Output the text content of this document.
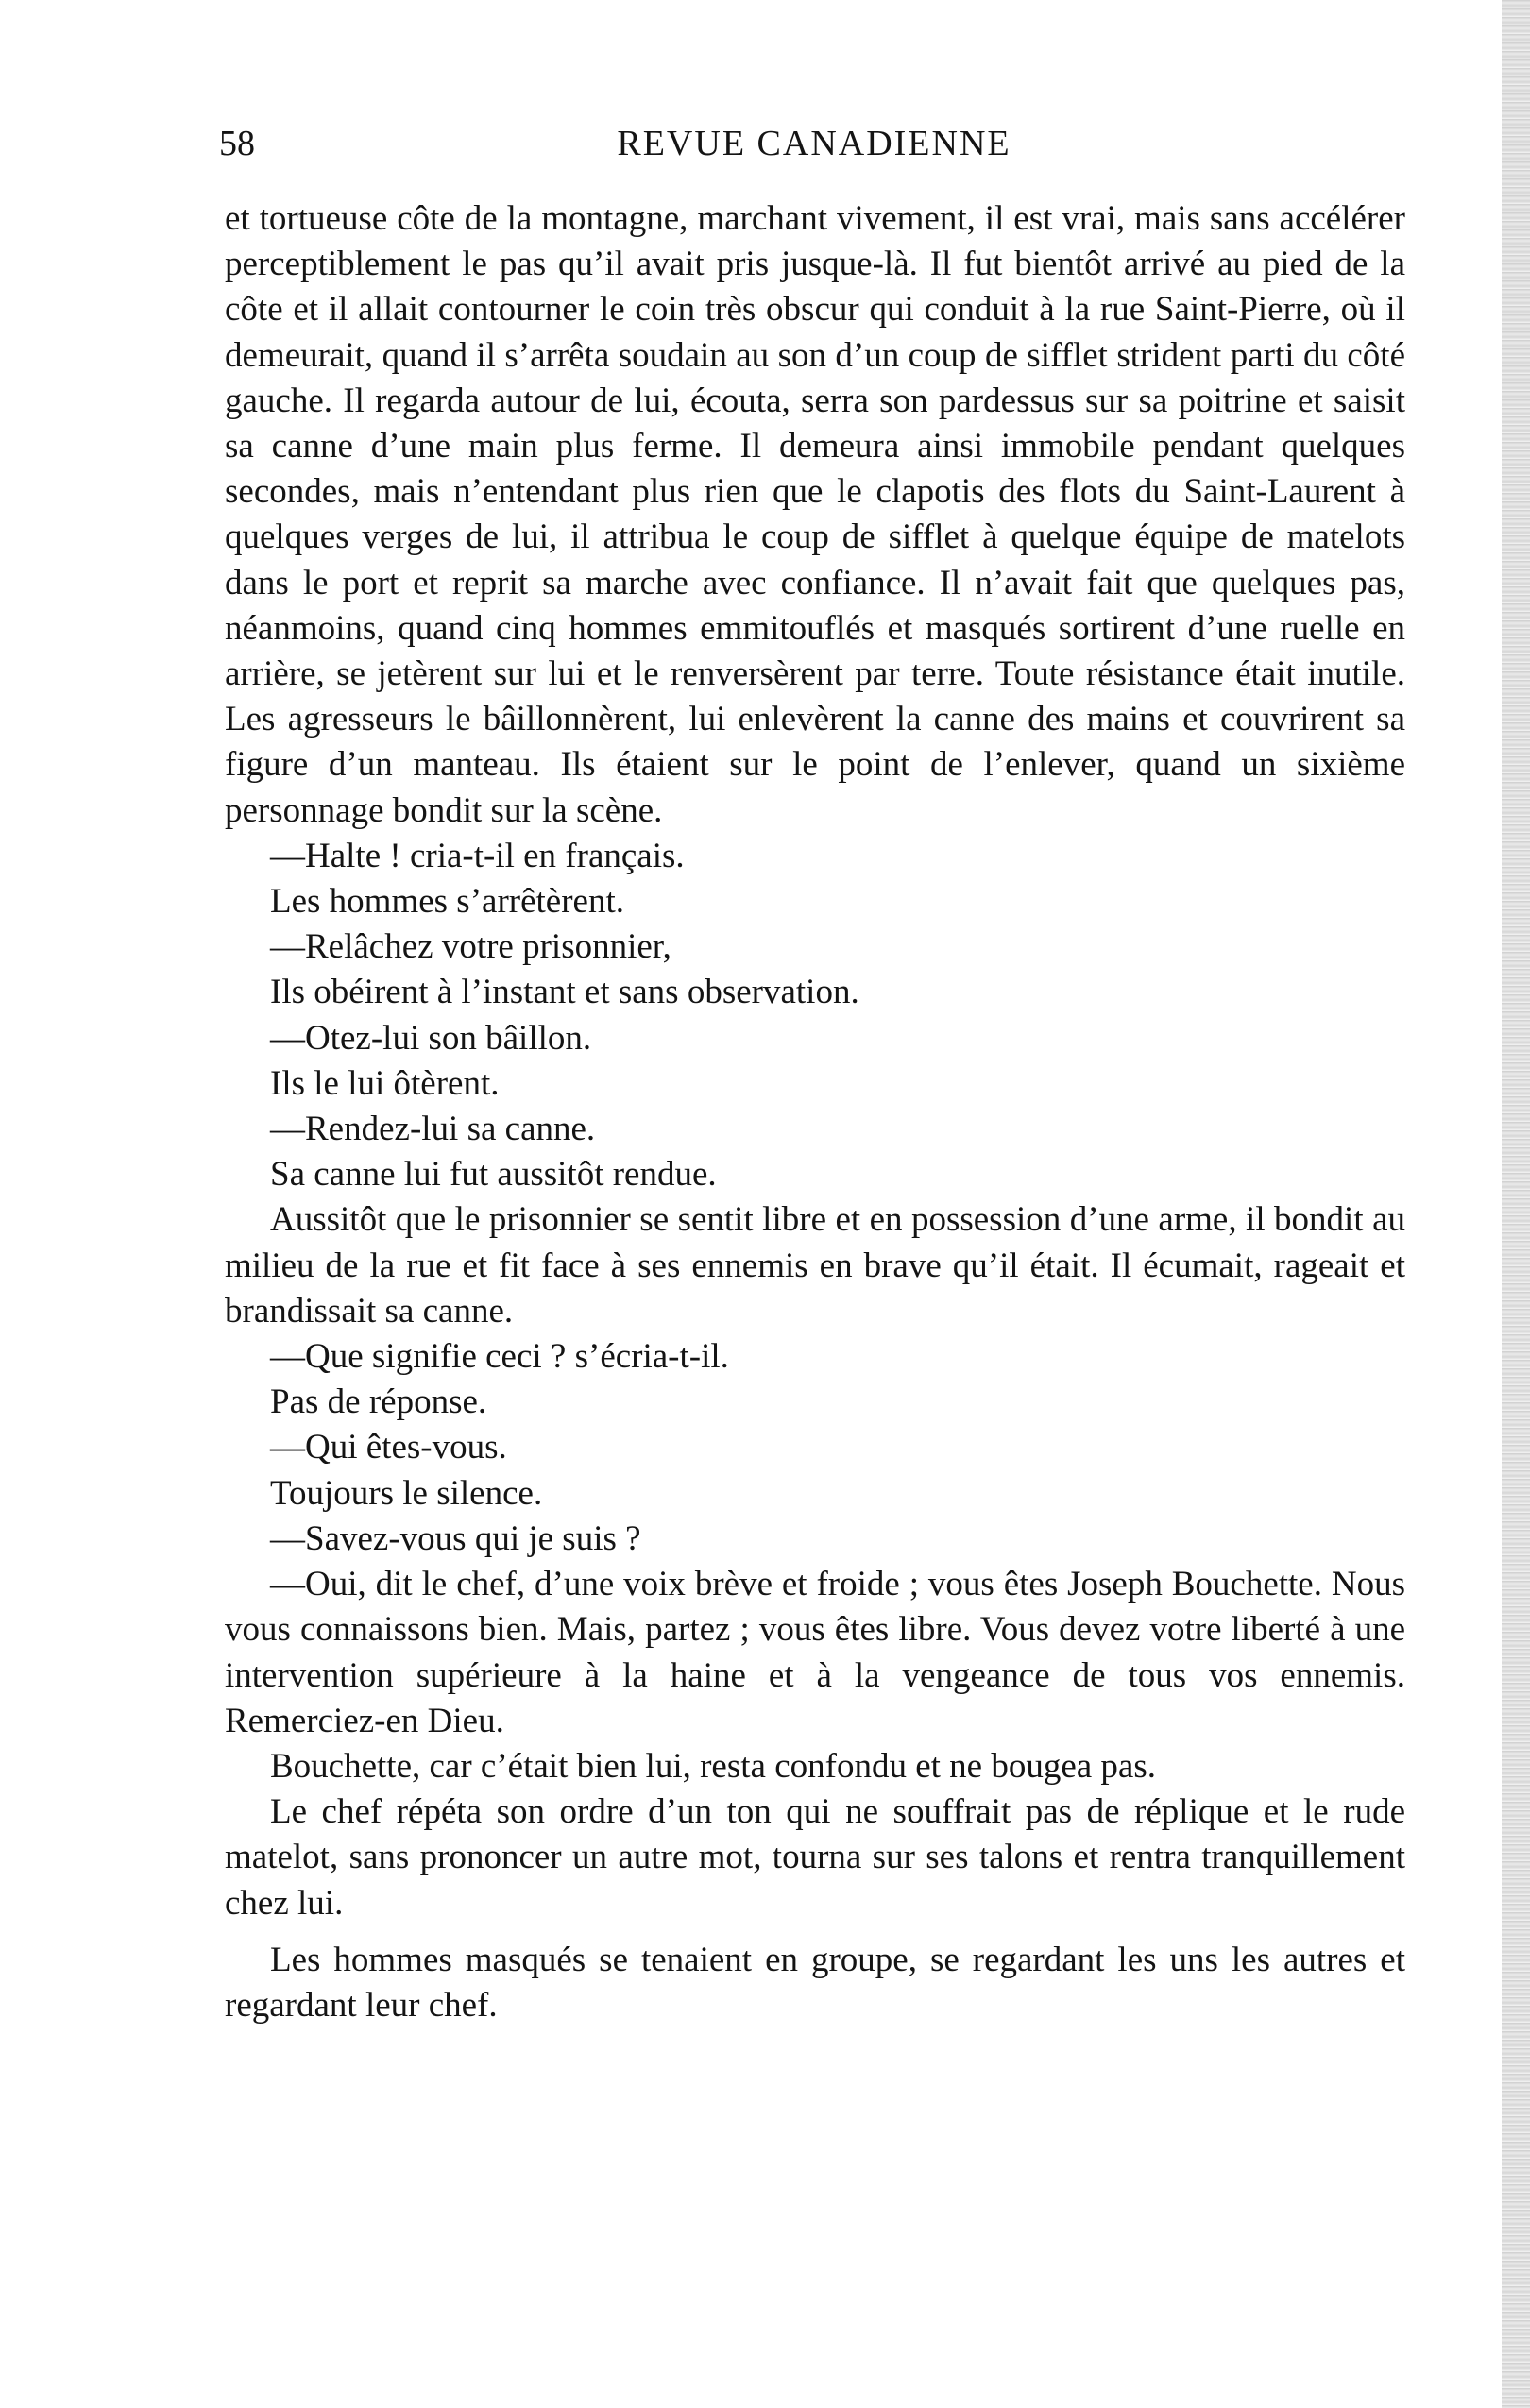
58	REVUE CANADIENNE

et tortueuse côte de la montagne, marchant vivement, il est vrai, mais sans accélérer perceptiblement le pas qu’il avait pris jusque-là. Il fut bientôt arrivé au pied de la côte et il allait contourner le coin très obscur qui conduit à la rue Saint-Pierre, où il demeurait, quand il s’arrêta soudain au son d’un coup de sifflet strident parti du côté gauche. Il regarda autour de lui, écouta, serra son pardessus sur sa poitrine et saisit sa canne d’une main plus ferme. Il demeura ainsi immobile pendant quelques secondes, mais n’entendant plus rien que le clapotis des flots du Saint-Laurent à quelques verges de lui, il attribua le coup de sifflet à quelque équipe de matelots dans le port et reprit sa marche avec confiance. Il n’avait fait que quelques pas, néanmoins, quand cinq hommes emmitouflés et masqués sortirent d’une ruelle en arrière, se jetèrent sur lui et le renversèrent par terre. Toute résistance était inutile. Les agresseurs le bâillonnèrent, lui enlevèrent la canne des mains et couvrirent sa figure d’un manteau. Ils étaient sur le point de l’enlever, quand un sixième personnage bondit sur la scène.

—Halte ! cria-t-il en français.

Les hommes s’arrêtèrent.

—Relâchez votre prisonnier,

Ils obéirent à l’instant et sans observation.

—Otez-lui son bâillon.

Ils le lui ôtèrent.

—Rendez-lui sa canne.

Sa canne lui fut aussitôt rendue.

Aussitôt que le prisonnier se sentit libre et en possession d’une arme, il bondit au milieu de la rue et fit face à ses ennemis en brave qu’il était. Il écumait, rageait et brandissait sa canne.

—Que signifie ceci ? s’écria-t-il.

Pas de réponse.

—Qui êtes-vous.

Toujours le silence.

—Savez-vous qui je suis ?

—Oui, dit le chef, d’une voix brève et froide ; vous êtes Joseph Bouchette. Nous vous connaissons bien. Mais, partez ; vous êtes libre. Vous devez votre liberté à une intervention supérieure à la haine et à la vengeance de tous vos ennemis. Remerciez-en Dieu.

Bouchette, car c’était bien lui, resta confondu et ne bougea pas.

Le chef répéta son ordre d’un ton qui ne souffrait pas de réplique et le rude matelot, sans prononcer un autre mot, tourna sur ses talons et rentra tranquillement chez lui.

Les hommes masqués se tenaient en groupe, se regardant les uns les autres et regardant leur chef.
